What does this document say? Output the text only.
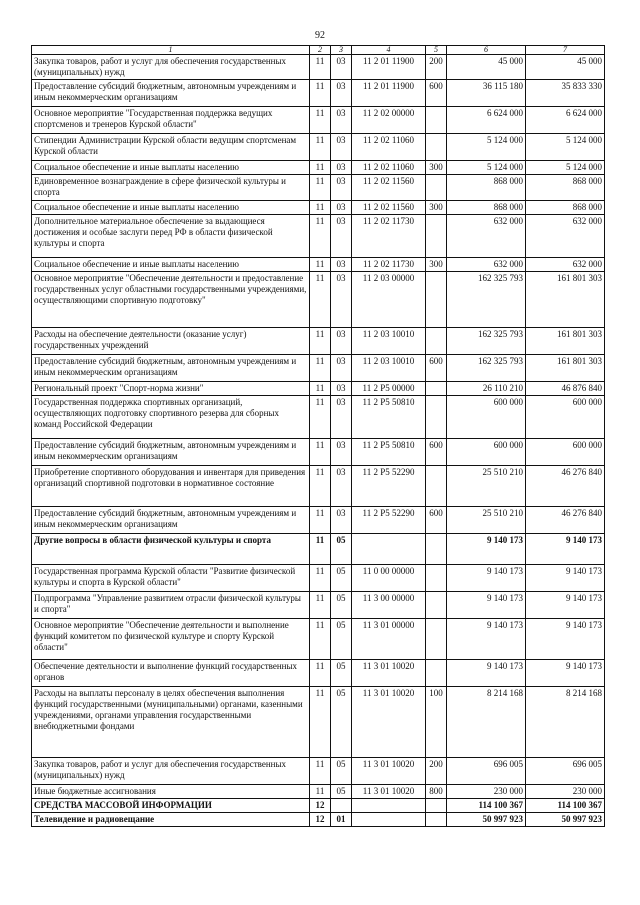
92
1	2	3	4	5	6	7
Закупка товаров, работ и услуг для обеспечения государственных (муниципальных) нужд	11	03	11 2 01 11900	200	45 000	45 000
Предоставление субсидий бюджетным, автономным учреждениям и иным некоммерческим организациям	11	03	11 2 01 11900	600	36 115 180	35 833 330
Основное мероприятие "Государственная поддержка ведущих спортсменов и тренеров Курской области"	11	03	11 2 02 00000		6 624 000	6 624 000
Стипендии Администрации Курской области ведущим спортсменам Курской области	11	03	11 2 02 11060		5 124 000	5 124 000
Социальное обеспечение и иные выплаты населению	11	03	11 2 02 11060	300	5 124 000	5 124 000
Единовременное вознаграждение в сфере физической культуры и спорта	11	03	11 2 02 11560		868 000	868 000
Социальное обеспечение и иные выплаты населению	11	03	11 2 02 11560	300	868 000	868 000
Дополнительное материальное обеспечение за выдающиеся достижения и особые заслуги перед РФ в области физической культуры и спорта	11	03	11 2 02 11730		632 000	632 000
Социальное обеспечение и иные выплаты населению	11	03	11 2 02 11730	300	632 000	632 000
Основное мероприятие "Обеспечение деятельности и предоставление государственных услуг областными государственными учреждениями, осуществляющими спортивную подготовку"	11	03	11 2 03 00000		162 325 793	161 801 303
Расходы на обеспечение деятельности (оказание услуг) государственных учреждений	11	03	11 2 03 10010		162 325 793	161 801 303
Предоставление субсидий бюджетным, автономным учреждениям и иным некоммерческим организациям	11	03	11 2 03 10010	600	162 325 793	161 801 303
Региональный проект "Спорт-норма жизни"	11	03	11 2 P5 00000		26 110 210	46 876 840
Государственная поддержка спортивных организаций, осуществляющих подготовку спортивного резерва для сборных команд Российской Федерации	11	03	11 2 P5 50810		600 000	600 000
Предоставление субсидий бюджетным, автономным учреждениям и иным некоммерческим организациям	11	03	11 2 P5 50810	600	600 000	600 000
Приобретение спортивного оборудования и инвентаря для приведения организаций спортивной подготовки в нормативное состояние	11	03	11 2 P5 52290		25 510 210	46 276 840
Предоставление субсидий бюджетным, автономным учреждениям и иным некоммерческим организациям	11	03	11 2 P5 52290	600	25 510 210	46 276 840
Другие вопросы в области физической культуры и спорта	11	05			9 140 173	9 140 173
Государственная программа Курской области "Развитие физической культуры и спорта в Курской области"	11	05	11 0 00 00000		9 140 173	9 140 173
Подпрограмма "Управление развитием отрасли физической культуры и спорта"	11	05	11 3 00 00000		9 140 173	9 140 173
Основное мероприятие "Обеспечение деятельности и выполнение функций комитетом по физической культуре и спорту Курской области"	11	05	11 3 01 00000		9 140 173	9 140 173
Обеспечение деятельности и выполнение функций государственных органов	11	05	11 3 01 10020		9 140 173	9 140 173
Расходы на выплаты персоналу в целях обеспечения выполнения функций государственными (муниципальными) органами, казенными учреждениями, органами управления государственными внебюджетными фондами	11	05	11 3 01 10020	100	8 214 168	8 214 168
Закупка товаров, работ и услуг для обеспечения государственных (муниципальных) нужд	11	05	11 3 01 10020	200	696 005	696 005
Иные бюджетные ассигнования	11	05	11 3 01 10020	800	230 000	230 000
СРЕДСТВА МАССОВОЙ ИНФОРМАЦИИ	12				114 100 367	114 100 367
Телевидение и радиовещание	12	01			50 997 923	50 997 923
